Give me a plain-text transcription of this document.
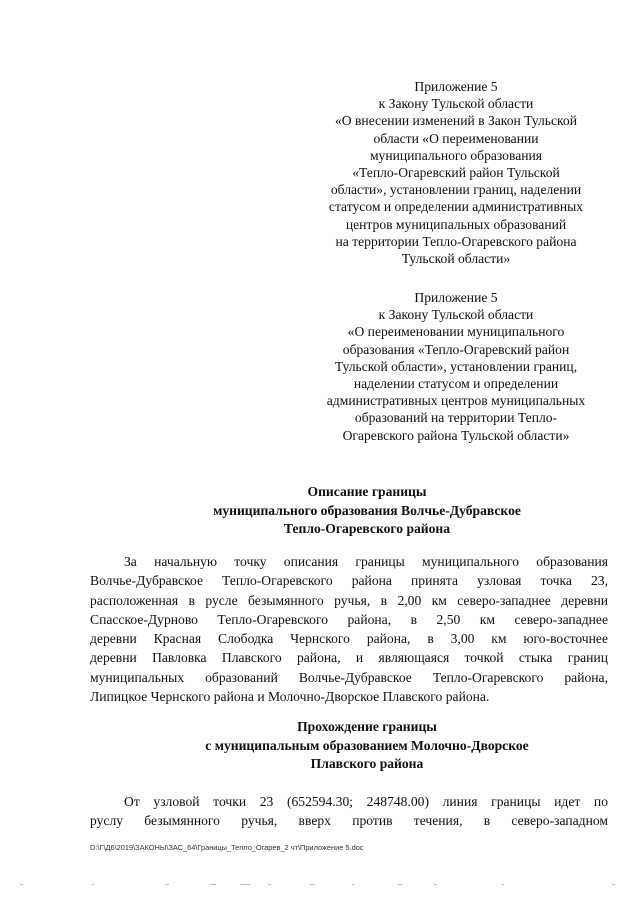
Приложение 5
к Закону Тульской области
«О внесении изменений в Закон Тульской
области «О переименовании
муниципального образования
«Тепло-Огаревский район Тульской
области», установлении границ, наделении
статусом и определении административных
центров муниципальных образований
на территории Тепло-Огаревского района
Тульской области»
Приложение 5
к Закону Тульской области
«О переименовании муниципального
образования «Тепло-Огаревский район
Тульской области», установлении границ,
наделении статусом и определении
административных центров муниципальных
образований на территории Тепло-
Огаревского района Тульской области»
Описание границы
муниципального образования Волчье-Дубравское
Тепло-Огаревского района
За начальную точку описания границы муниципального образования
Волчье-Дубравское Тепло-Огаревского района принята узловая точка 23,
расположенная в русле безымянного ручья, в 2,00 км северо-западнее деревни
Спасское-Дурново Тепло-Огаревского района, в 2,50 км северо-западнее
деревни Красная Слободка Чернского района, в 3,00 км юго-восточнее
деревни Павловка Плавского района, и являющаяся точкой стыка границ
муниципальных образований Волчье-Дубравское Тепло-Огаревского района,
Липицкое Чернского района и Молочно-Дворское Плавского района.
Прохождение границы
с муниципальным образованием Молочно-Дворское
Плавского района
От узловой точки 23 (652594.30; 248748.00) линия границы идет по
руслу безымянного ручья, вверх против течения, в северо-западном
D:\Г\Д6\2019\ЗАКОНЫ\ЗАС_64\Границы_Тепло_Огарев_2 чт\Приложение 5.doc
